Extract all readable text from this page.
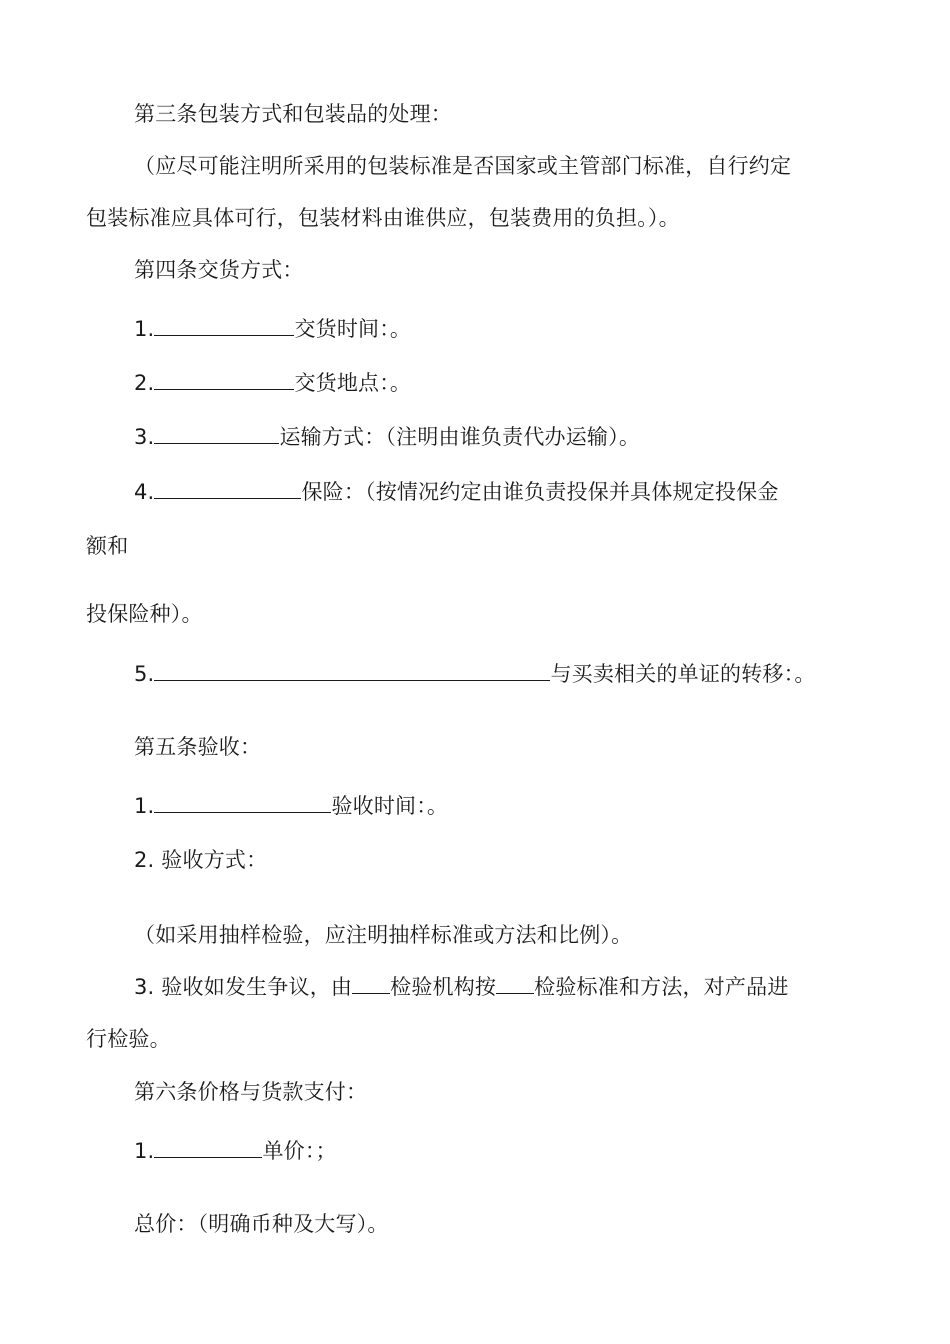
第三条包装方式和包装品的处理：
（应尽可能注明所采用的包装标准是否国家或主管部门标准，自行约定
包装标准应具体可行，包装材料由谁供应，包装费用的负担。）。
第四条交货方式：
1.	交货时间：。
2.	交货地点：。
3.	运输方式：（注明由谁负责代办运输）。
4.	保险：（按情况约定由谁负责投保并具体规定投保金
额和
投保险种）。
5.	与买卖相关的单证的转移：。
第五条验收：
1.	验收时间：。
2. 验收方式：
（如采用抽样检验，应注明抽样标准或方法和比例）。
3. 验收如发生争议，由 检验机构按 检验标准和方法，对产品进
行检验。
第六条价格与货款支付：
1.	单价：；
总价：（明确币种及大写）。
